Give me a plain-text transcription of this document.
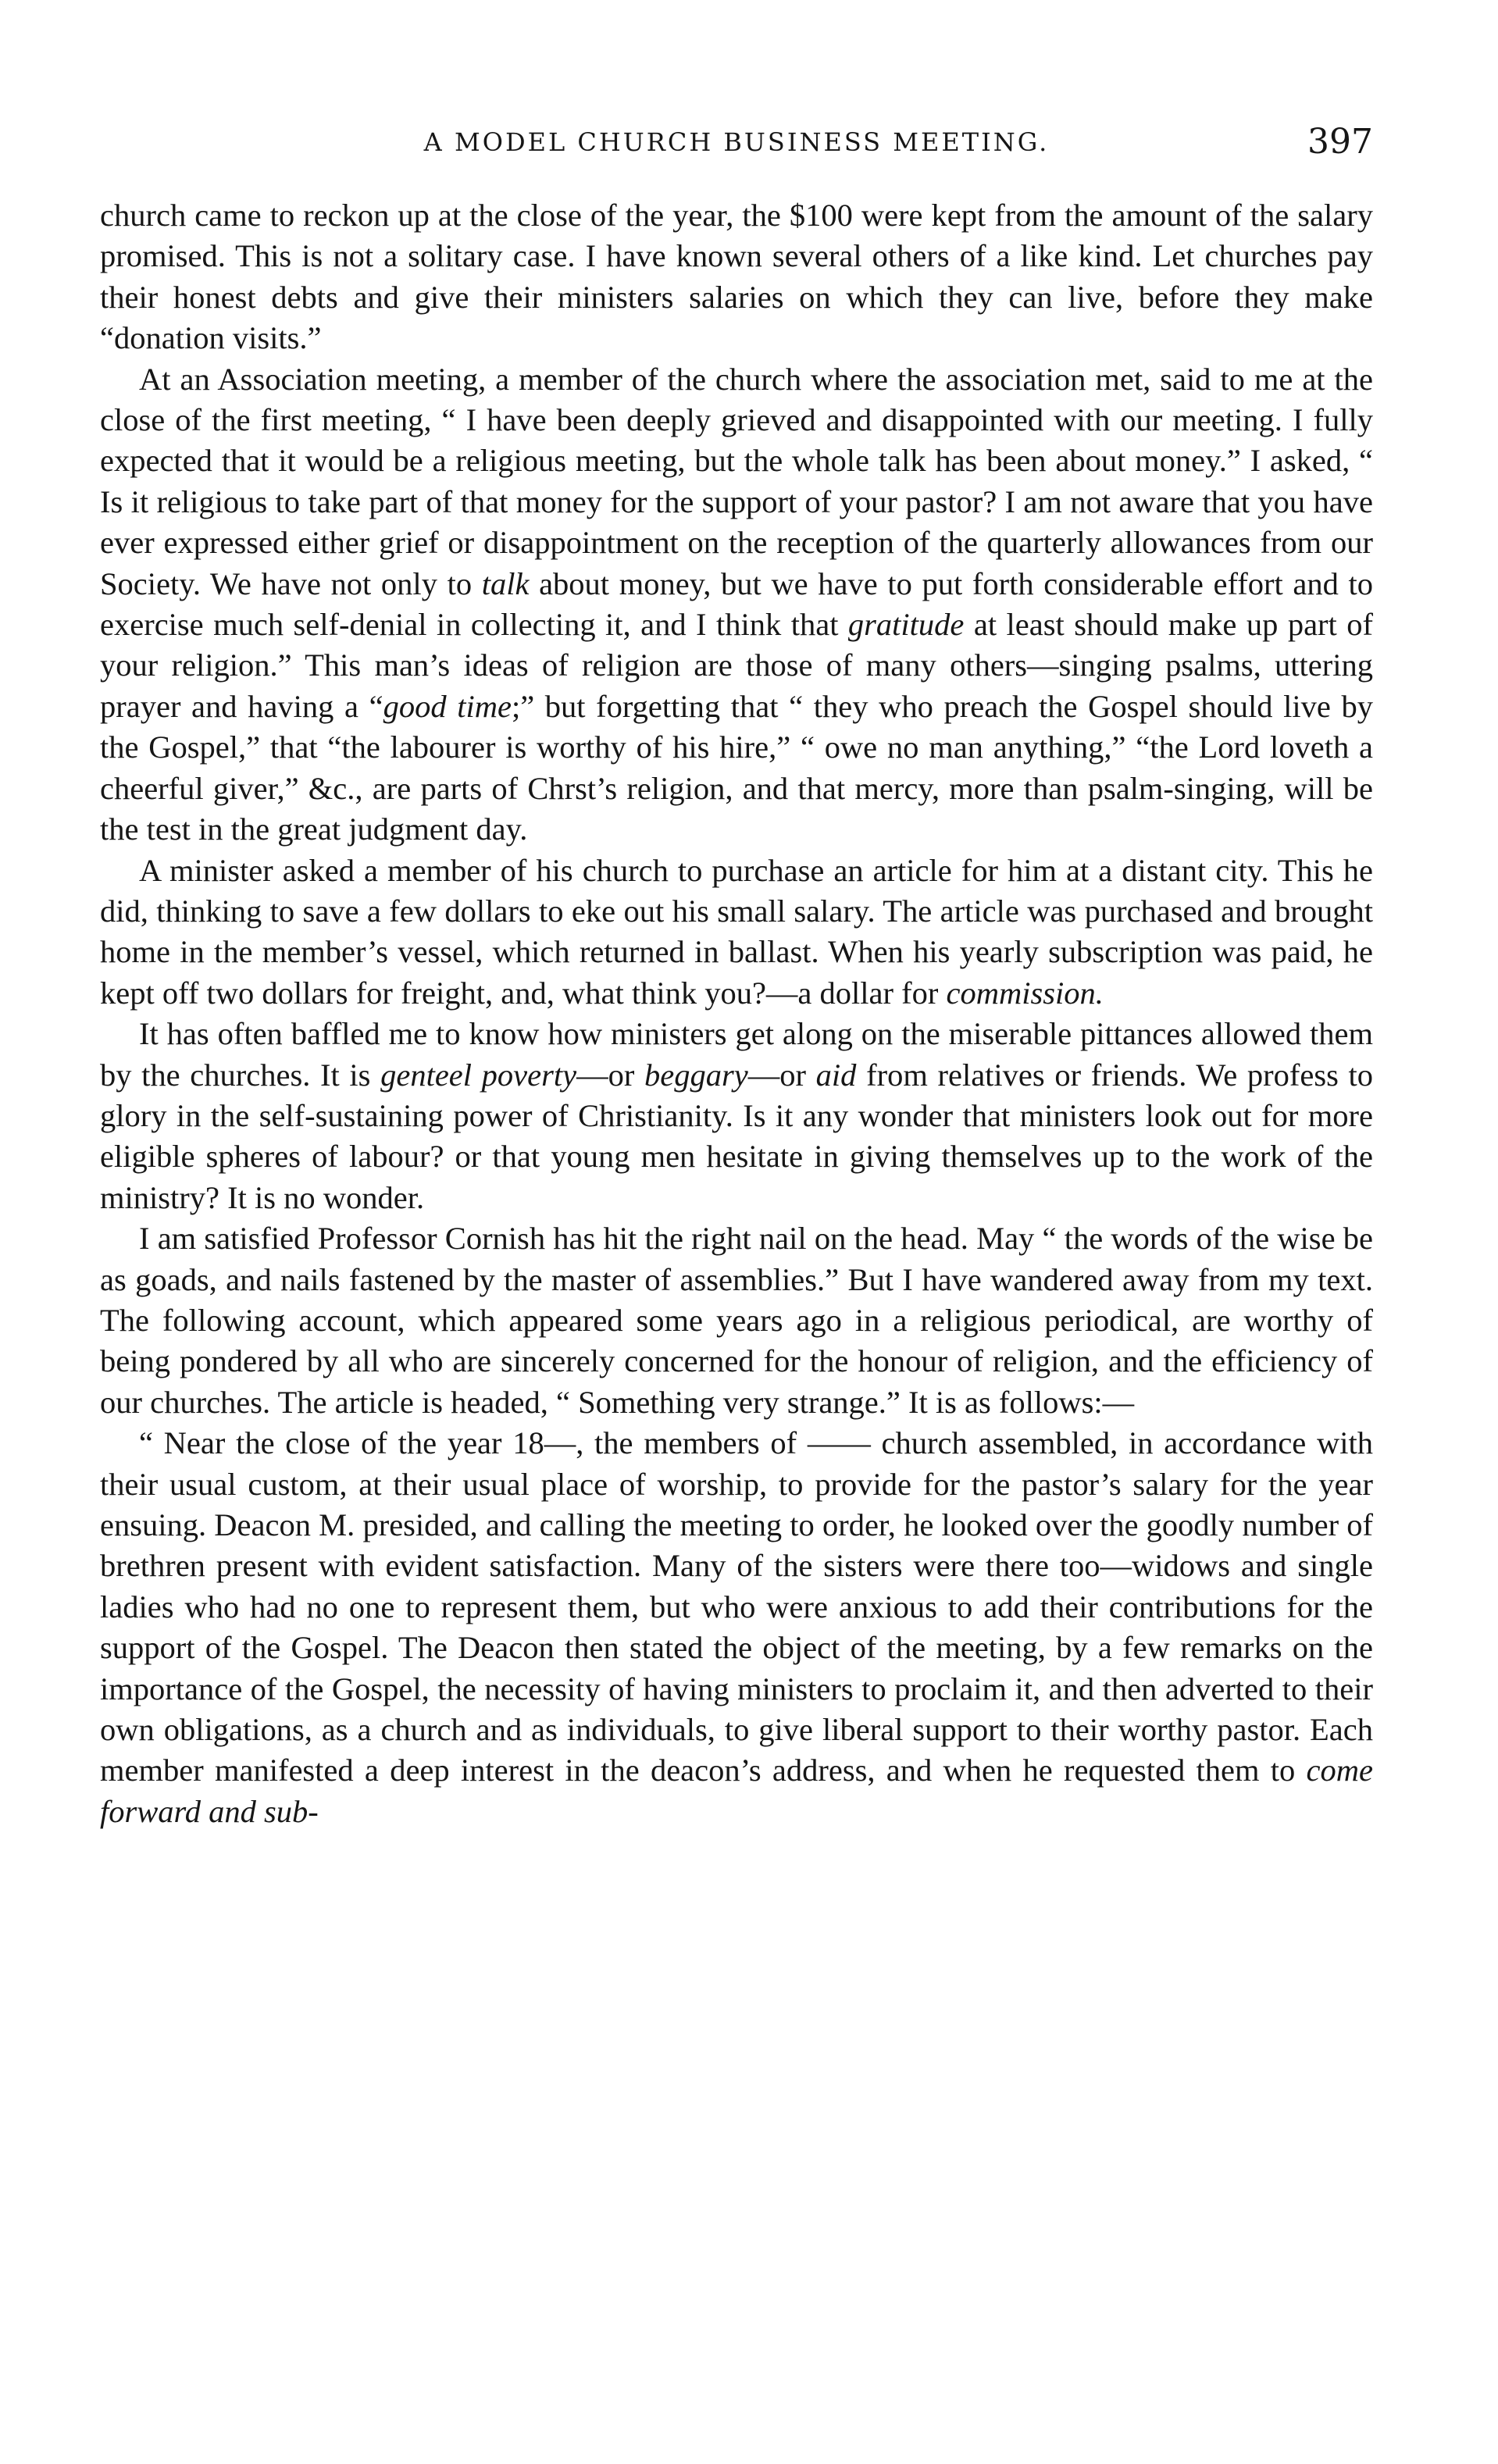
A MODEL CHURCH BUSINESS MEETING.	397

church came to reckon up at the close of the year, the $100 were kept from the amount of the salary promised. This is not a solitary case. I have known several others of a like kind. Let churches pay their honest debts and give their ministers salaries on which they can live, before they make “donation visits.”

At an Association meeting, a member of the church where the association met, said to me at the close of the first meeting, “ I have been deeply grieved and disappointed with our meeting. I fully expected that it would be a religious meeting, but the whole talk has been about money.” I asked, “ Is it religious to take part of that money for the support of your pastor? I am not aware that you have ever expressed either grief or disappointment on the reception of the quarterly allowances from our Society. We have not only to talk about money, but we have to put forth considerable effort and to exercise much self-denial in collecting it, and I think that gratitude at least should make up part of your religion.” This man’s ideas of religion are those of many others—singing psalms, uttering prayer and having a “good time;” but forgetting that “ they who preach the Gospel should live by the Gospel,” that “the labourer is worthy of his hire,” “ owe no man anything,” “the Lord loveth a cheerful giver,” &c., are parts of Chrst’s religion, and that mercy, more than psalm-singing, will be the test in the great judgment day.

A minister asked a member of his church to purchase an article for him at a distant city. This he did, thinking to save a few dollars to eke out his small salary. The article was purchased and brought home in the member’s vessel, which returned in ballast. When his yearly subscription was paid, he kept off two dollars for freight, and, what think you?—a dollar for commission.

It has often baffled me to know how ministers get along on the miserable pittances allowed them by the churches. It is genteel poverty—or beggary—or aid from relatives or friends. We profess to glory in the self-sustaining power of Christianity. Is it any wonder that ministers look out for more eligible spheres of labour? or that young men hesitate in giving themselves up to the work of the ministry? It is no wonder.

I am satisfied Professor Cornish has hit the right nail on the head. May “ the words of the wise be as goads, and nails fastened by the master of assemblies.” But I have wandered away from my text. The following account, which appeared some years ago in a religious periodical, are worthy of being pondered by all who are sincerely concerned for the honour of religion, and the efficiency of our churches. The article is headed, “ Something very strange.” It is as follows:—

“ Near the close of the year 18—, the members of —— church assembled, in accordance with their usual custom, at their usual place of worship, to provide for the pastor’s salary for the year ensuing. Deacon M. presided, and calling the meeting to order, he looked over the goodly number of brethren present with evident satisfaction. Many of the sisters were there too—widows and single ladies who had no one to represent them, but who were anxious to add their contributions for the support of the Gospel. The Deacon then stated the object of the meeting, by a few remarks on the importance of the Gospel, the necessity of having ministers to proclaim it, and then adverted to their own obligations, as a church and as individuals, to give liberal support to their worthy pastor. Each member manifested a deep interest in the deacon’s address, and when he requested them to come forward and sub-
